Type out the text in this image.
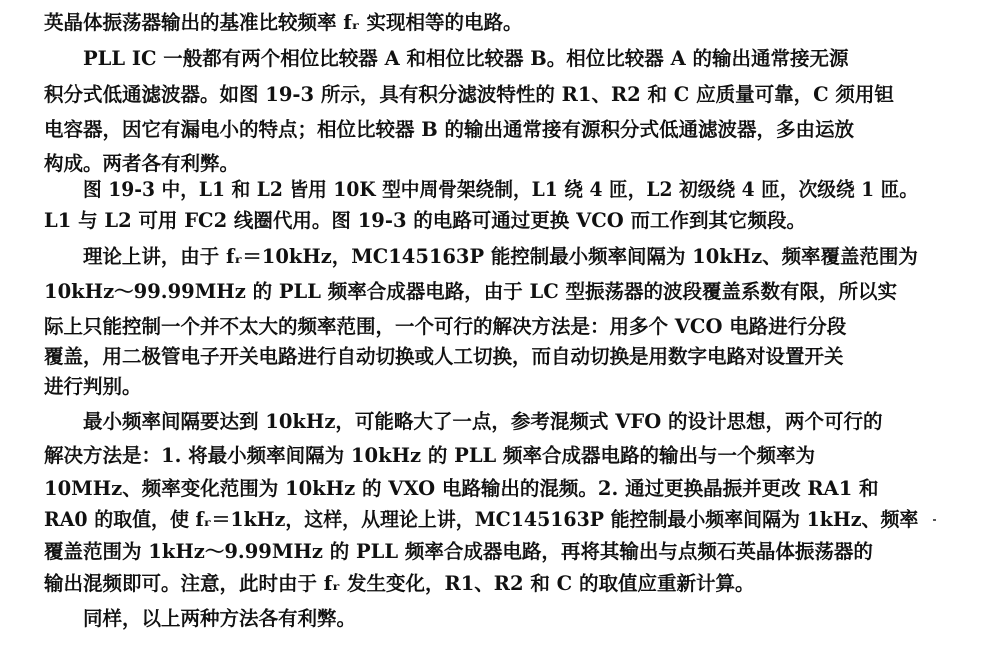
英晶体振荡器输出的基准比较频率 fᵣ 实现相等的电路。

PLL IC 一般都有两个相位比较器 A 和相位比较器 B。相位比较器 A 的输出通常接无源

积分式低通滤波器。如图 19-3 所示，具有积分滤波特性的 R1、R2 和 C 应质量可靠，C 须用钽

电容器，因它有漏电小的特点；相位比较器 B 的输出通常接有源积分式低通滤波器，多由运放

构成。两者各有利弊。

图 19-3 中，L1 和 L2 皆用 10K 型中周骨架绕制，L1 绕 4 匝，L2 初级绕 4 匝，次级绕 1 匝。

L1 与 L2 可用 FC2 线圈代用。图 19-3 的电路可通过更换 VCO 而工作到其它频段。

理论上讲，由于 fᵣ＝10kHz，MC145163P 能控制最小频率间隔为 10kHz、频率覆盖范围为

10kHz～99.99MHz 的 PLL 频率合成器电路，由于 LC 型振荡器的波段覆盖系数有限，所以实

际上只能控制一个并不太大的频率范围，一个可行的解决方法是：用多个 VCO 电路进行分段

覆盖，用二极管电子开关电路进行自动切换或人工切换，而自动切换是用数字电路对设置开关

进行判别。

最小频率间隔要达到 10kHz，可能略大了一点，参考混频式 VFO 的设计思想，两个可行的

解决方法是：1. 将最小频率间隔为 10kHz 的 PLL 频率合成器电路的输出与一个频率为

10MHz、频率变化范围为 10kHz 的 VXO 电路输出的混频。2. 通过更换晶振并更改 RA1 和

RA0 的取值，使 fᵣ＝1kHz，这样，从理论上讲，MC145163P 能控制最小频率间隔为 1kHz、频率

覆盖范围为 1kHz～9.99MHz 的 PLL 频率合成器电路，再将其输出与点频石英晶体振荡器的

输出混频即可。注意，此时由于 fᵣ 发生变化，R1、R2 和 C 的取值应重新计算。

同样，以上两种方法各有利弊。
